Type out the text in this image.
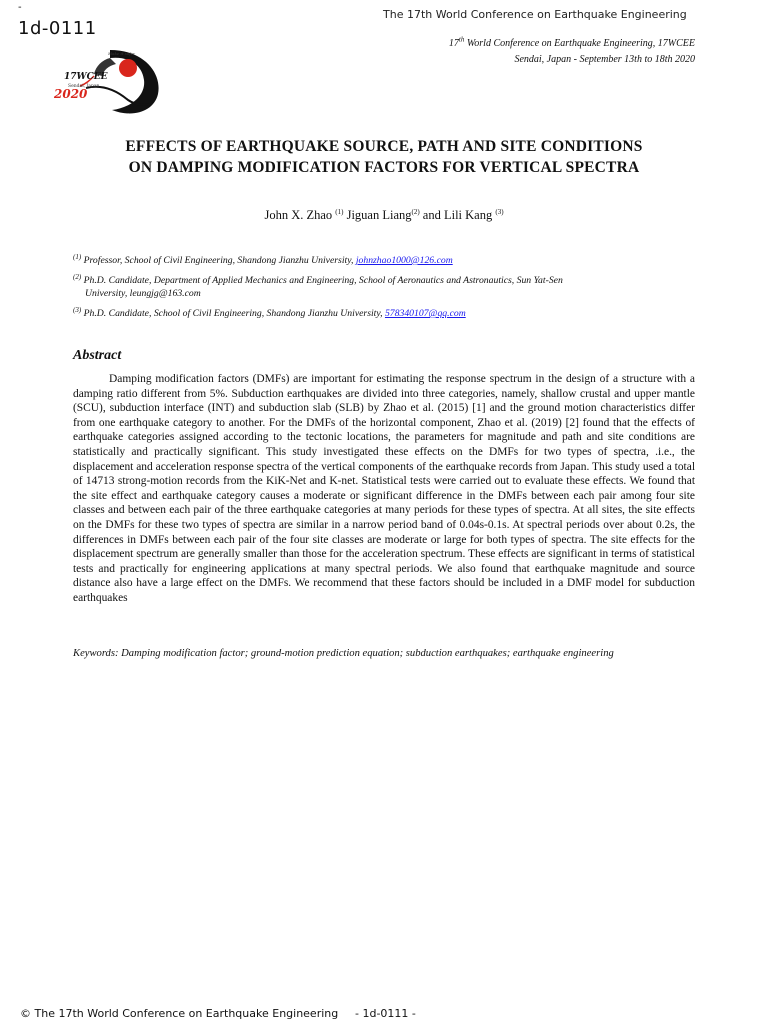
-
1d-0111
The 17th World Conference on Earthquake Engineering
Make it safer
17WCEE
Sendai, Japan
2020
17th World Conference on Earthquake Engineering, 17WCEE
Sendai, Japan - September 13th to 18th 2020
EFFECTS OF EARTHQUAKE SOURCE, PATH AND SITE CONDITIONS
ON DAMPING MODIFICATION FACTORS FOR VERTICAL SPECTRA
John X. Zhao $^{(1)}$ Jiguan Liang$^{(2)}$ and Lili Kang $^{(3)}$
$^{(1)}$ Professor, School of Civil Engineering, Shandong Jianzhu University, johnzhao1000@126.com
$^{(2)}$ Ph.D. Candidate, Department of Applied Mechanics and Engineering, School of Aeronautics and Astronautics, Sun Yat-Sen
University, leungjg@163.com
$^{(3)}$ Ph.D. Candidate, School of Civil Engineering, Shandong Jianzhu University, 578340107@qq.com
Abstract
Damping modification factors (DMFs) are important for estimating the response spectrum in the design of a structure with a damping ratio different from 5%. Subduction earthquakes are divided into three categories, namely, shallow crustal and upper mantle (SCU), subduction interface (INT) and subduction slab (SLB) by Zhao et al. (2015) [1] and the ground motion characteristics differ from one earthquake category to another. For the DMFs of the horizontal component, Zhao et al. (2019) [2] found that the effects of earthquake categories assigned according to the tectonic locations, the parameters for magnitude and path and site conditions are statistically and practically significant. This study investigated these effects on the DMFs for two types of spectra, .i.e., the displacement and acceleration response spectra of the vertical components of the earthquake records from Japan. This study used a total of 14713 strong-motion records from the KiK-Net and K-net. Statistical tests were carried out to evaluate these effects. We found that the site effect and earthquake category causes a moderate or significant difference in the DMFs between each pair among four site classes and between each pair of the three earthquake categories at many periods for these types of spectra. At all sites, the site effects on the DMFs for these two types of spectra are similar in a narrow period band of 0.04s-0.1s. At spectral periods over about 0.2s, the differences in DMFs between each pair of the four site classes are moderate or large for both types of spectra. The site effects for the displacement spectrum are generally smaller than those for the acceleration spectrum. These effects are significant in terms of statistical tests and practically for engineering applications at many spectral periods. We also found that earthquake magnitude and source distance also have a large effect on the DMFs. We recommend that these factors should be included in a DMF model for subduction earthquakes
Keywords: Damping modification factor; ground-motion prediction equation; subduction earthquakes; earthquake engineering
© The 17th World Conference on Earthquake Engineering - 1d-0111 -
